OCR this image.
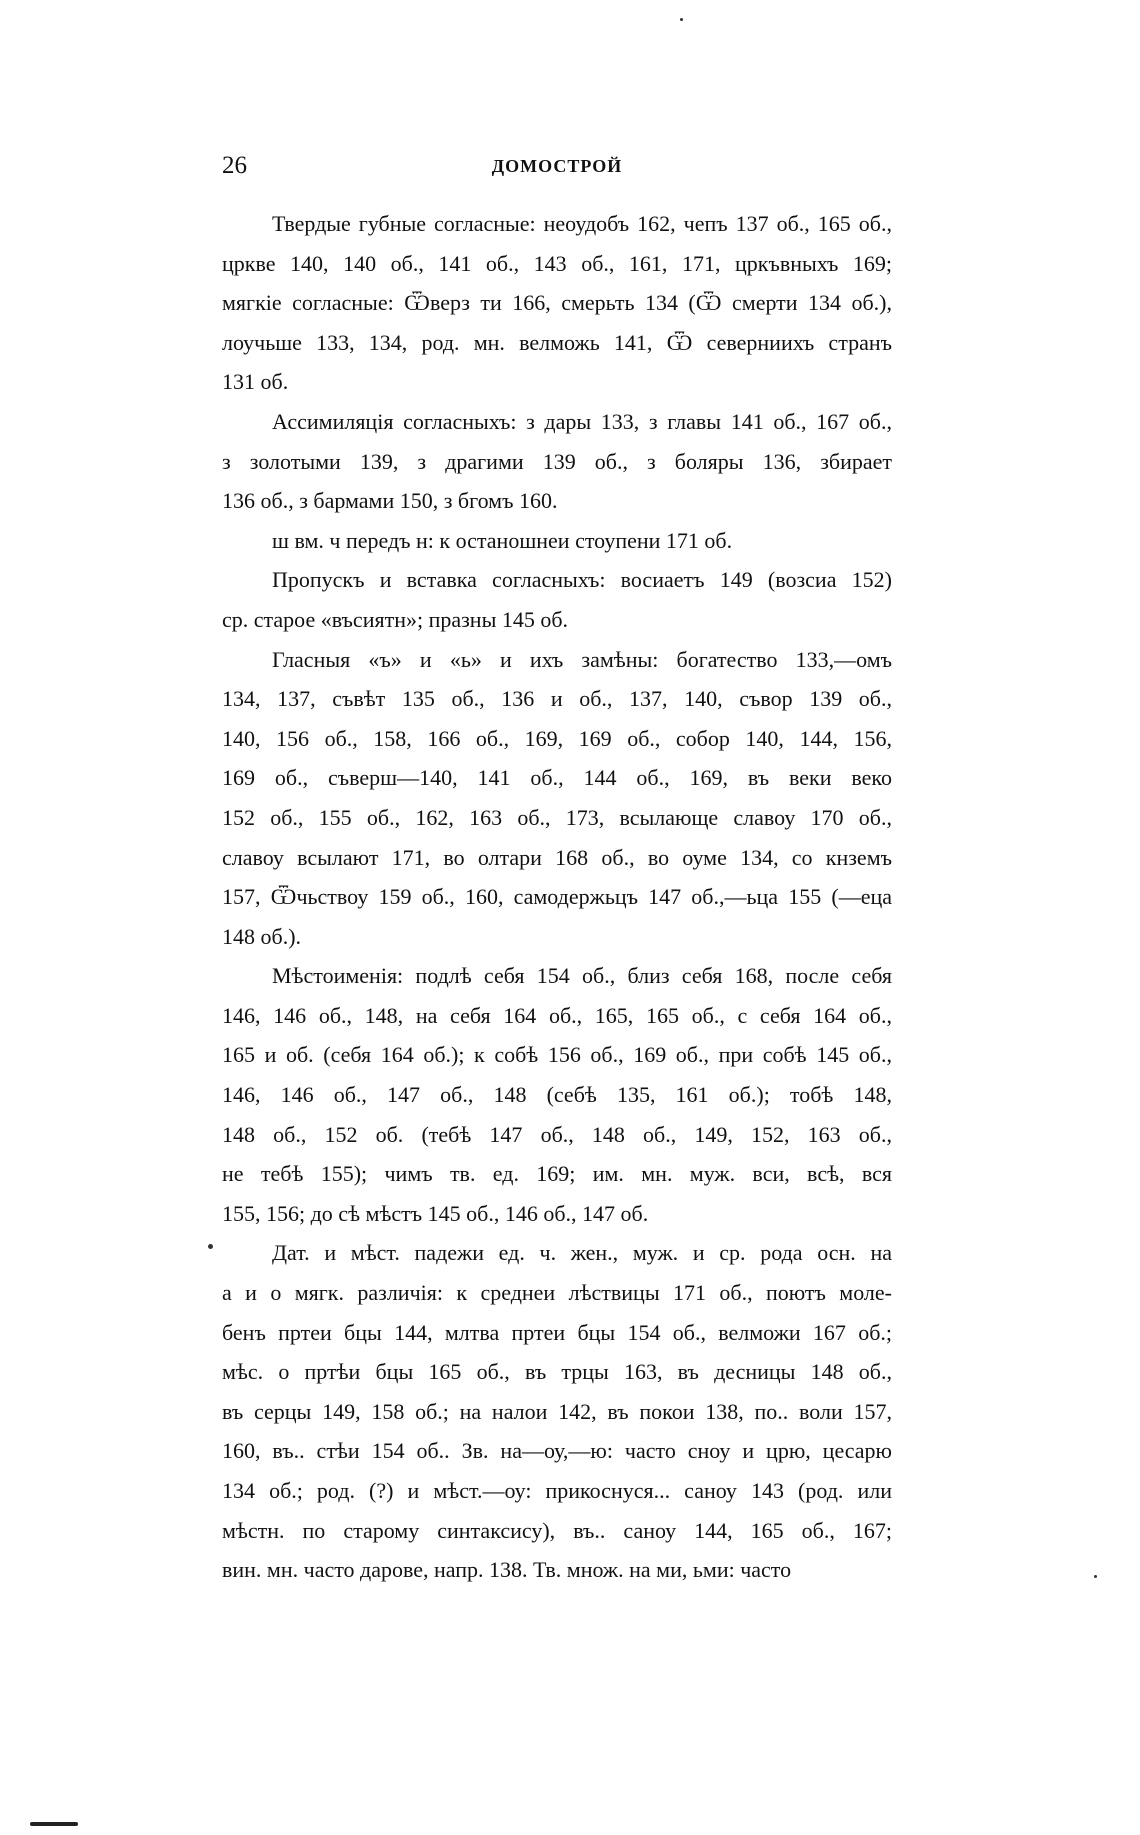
26	ДОМОСТРОЙ
Твердые губные согласные: неоудобъ 162, чепъ 137 об., 165 об.,
цркве 140, 140 об., 141 об., 143 об., 161, 171, цркъвныхъ 169;
мягкiе согласные: Ѿверз ти 166, смерьть 134 (Ѿ смерти 134 об.),
лоучьше 133, 134, род. мн. велможь 141, Ѿ северниихъ странъ
131 об.
Ассимиляцiя согласныхъ: з дары 133, з главы 141 об., 167 об.,
з золотыми 139, з драгими 139 об., з боляры 136, збирает
136 об., з бармами 150, з бгомъ 160.
ш вм. ч передъ н: к останошнеи стоупени 171 об.
Пропускъ и вставка согласныхъ: восиаетъ 149 (возсиа 152)
ср. старое «въсиятн»; празны 145 об.
Гласныя «ъ» и «ь» и ихъ замѣны: богатество 133,—омъ
134, 137, съвѣт 135 об., 136 и об., 137, 140, съвор 139 об.,
140, 156 об., 158, 166 об., 169, 169 об., собор 140, 144, 156,
169 об., съверш—140, 141 об., 144 об., 169, въ веки веко
152 об., 155 об., 162, 163 об., 173, всылающе славоу 170 об.,
славоу всылают 171, во олтари 168 об., во оуме 134, со кнземъ
157, Ѿчьствоу 159 об., 160, самодержьцъ 147 об.,—ьца 155 (—еца
148 об.).
Мѣстоименiя: подлѣ себя 154 об., близ себя 168, после себя
146, 146 об., 148, на себя 164 об., 165, 165 об., с себя 164 об.,
165 и об. (себя 164 об.); к собѣ 156 об., 169 об., при собѣ 145 об.,
146, 146 об., 147 об., 148 (себѣ 135, 161 об.); тобѣ 148,
148 об., 152 об. (тебѣ 147 об., 148 об., 149, 152, 163 об.,
не тебѣ 155); чимъ тв. ед. 169; им. мн. муж. вси, всѣ, вся
155, 156; до сѣ мѣстъ 145 об., 146 об., 147 об.
Дат. и мѣст. падежи ед. ч. жен., муж. и ср. рода осн. на
а и о мягк. различiя: к среднеи лѣствицы 171 об., поютъ моле-
бенъ пртеи бцы 144, млтва пртеи бцы 154 об., велможи 167 об.;
мѣс. о пртѣи бцы 165 об., въ трцы 163, въ десницы 148 об.,
въ серцы 149, 158 об.; на налои 142, въ покои 138, по.. воли 157,
160, въ.. стѣи 154 об.. Зв. на—оу,—ю: часто сноу и црю, цесарю
134 об.; род. (?) и мѣст.—оу: прикоснуся... саноу 143 (род. или
мѣстн. по старому синтаксису), въ.. саноу 144, 165 об., 167;
вин. мн. часто дарове, напр. 138. Тв. множ. на ми, ьми: часто
